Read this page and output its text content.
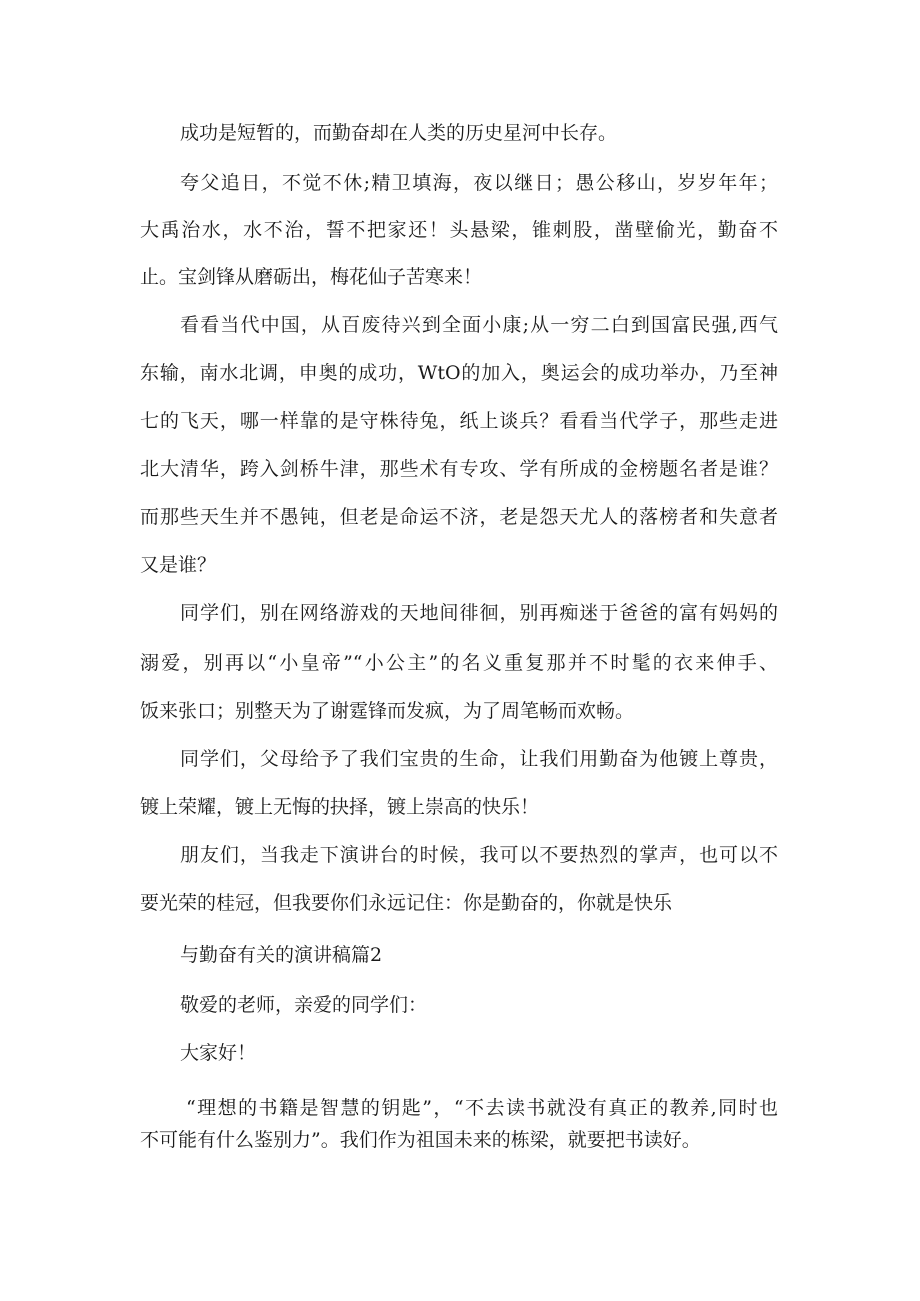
成功是短暂的，而勤奋却在人类的历史星河中长存。
夸父追日，不觉不休;精卫填海，夜以继日；愚公移山，岁岁年年；
大禹治水，水不治，誓不把家还！头悬梁，锥刺股，凿壁偷光，勤奋不
止。宝剑锋从磨砺出，梅花仙子苦寒来！
看看当代中国，从百废待兴到全面小康;从一穷二白到国富民强,西气
东输，南水北调，申奥的成功，WtO的加入，奥运会的成功举办，乃至神
七的飞天，哪一样靠的是守株待兔，纸上谈兵？看看当代学子，那些走进
北大清华，跨入剑桥牛津，那些术有专攻、学有所成的金榜题名者是谁？
而那些天生并不愚钝，但老是命运不济，老是怨天尤人的落榜者和失意者
又是谁？
同学们，别在网络游戏的天地间徘徊，别再痴迷于爸爸的富有妈妈的
溺爱，别再以“小皇帝”“小公主”的名义重复那并不时髦的衣来伸手、
饭来张口；别整天为了谢霆锋而发疯，为了周笔畅而欢畅。
同学们，父母给予了我们宝贵的生命，让我们用勤奋为他镀上尊贵，
镀上荣耀，镀上无悔的抉择，镀上崇高的快乐！
朋友们，当我走下演讲台的时候，我可以不要热烈的掌声，也可以不
要光荣的桂冠，但我要你们永远记住：你是勤奋的，你就是快乐
与勤奋有关的演讲稿篇2
敬爱的老师，亲爱的同学们：
大家好！
“理想的书籍是智慧的钥匙”，“不去读书就没有真正的教养,同时也
不可能有什么鉴别力”。我们作为祖国未来的栋梁，就要把书读好。
